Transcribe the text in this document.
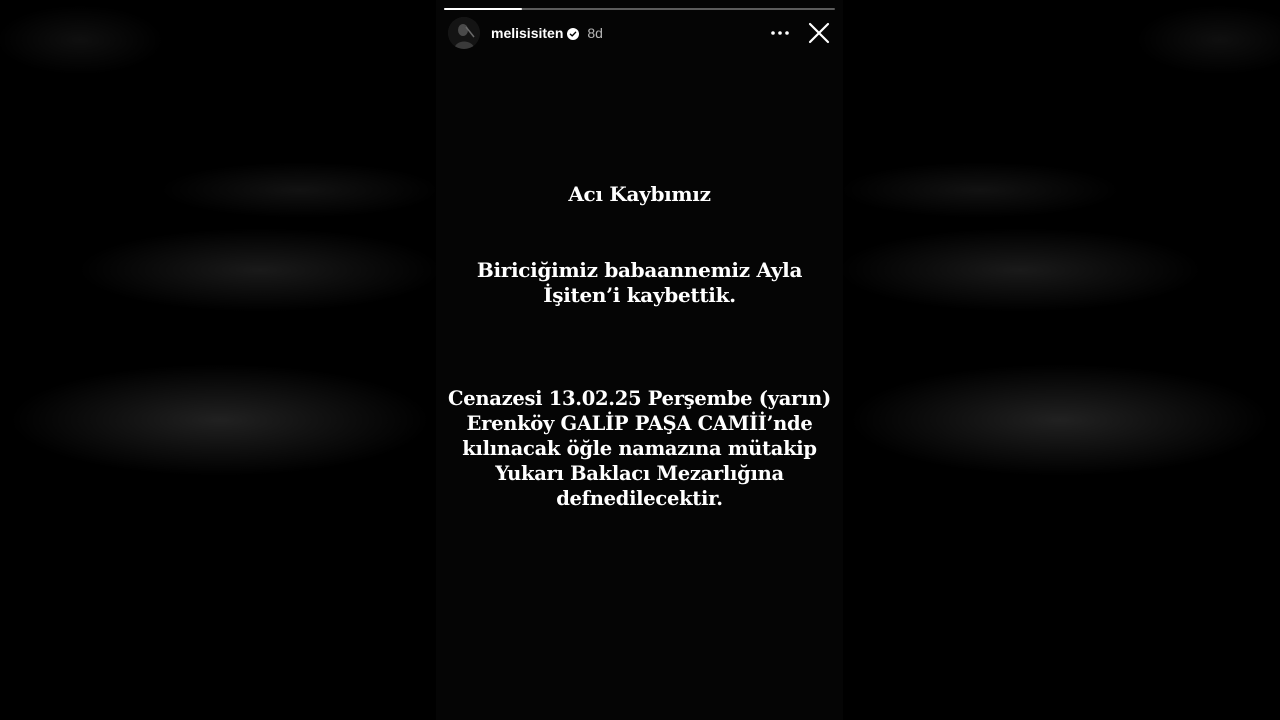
melisisiten 8d
Acı Kaybımız
Biriciğimiz babaannemiz Ayla
İşiten’i kaybettik.
Cenazesi 13.02.25 Perşembe (yarın)
Erenköy GALİP PAŞA CAMİİ’nde
kılınacak öğle namazına mütakip
Yukarı Baklacı Mezarlığına
defnedilecektir.
